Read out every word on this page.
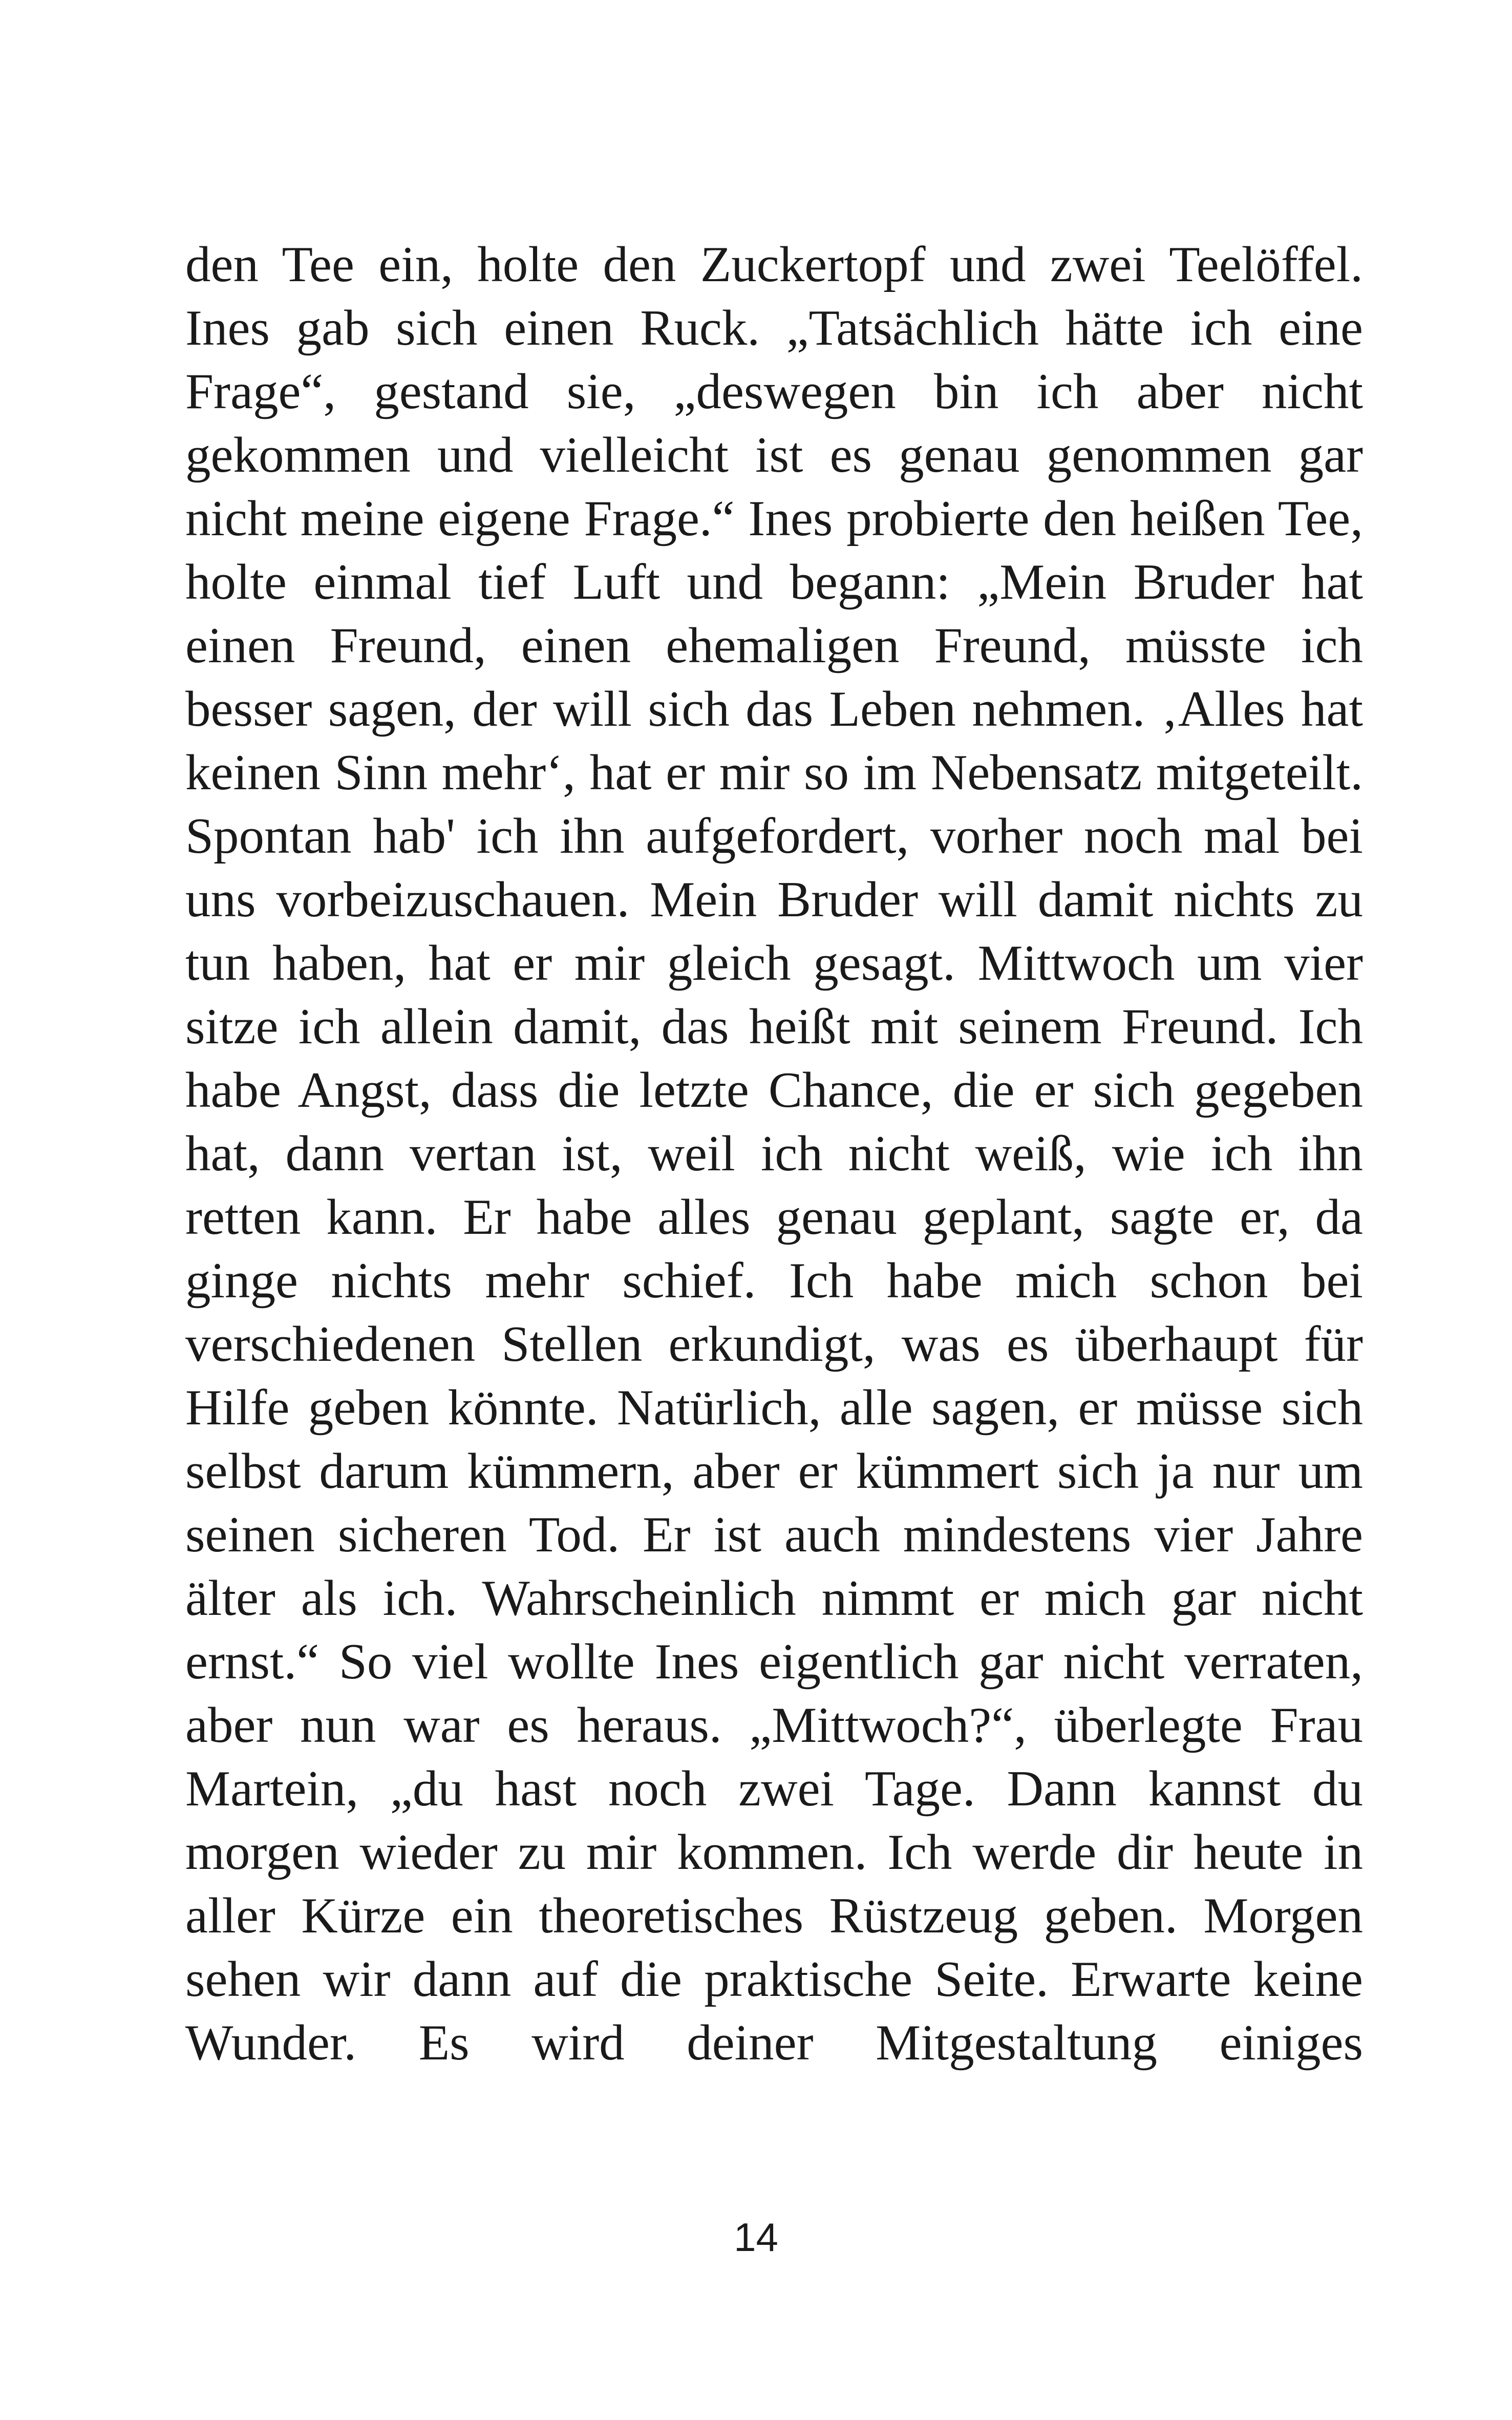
den Tee ein, holte den Zuckertopf und zwei Teelöffel.
Ines gab sich einen Ruck. „Tatsächlich hätte ich eine
Frage“, gestand sie, „deswegen bin ich aber nicht
gekommen und vielleicht ist es genau genommen gar
nicht meine eigene Frage.“ Ines probierte den heißen Tee,
holte einmal tief Luft und begann: „Mein Bruder hat
einen Freund, einen ehemaligen Freund, müsste ich
besser sagen, der will sich das Leben nehmen. ‚Alles hat
keinen Sinn mehr‘, hat er mir so im Nebensatz mitgeteilt.
Spontan hab' ich ihn aufgefordert, vorher noch mal bei
uns vorbeizuschauen. Mein Bruder will damit nichts zu
tun haben, hat er mir gleich gesagt. Mittwoch um vier
sitze ich allein damit, das heißt mit seinem Freund. Ich
habe Angst, dass die letzte Chance, die er sich gegeben
hat, dann vertan ist, weil ich nicht weiß, wie ich ihn
retten kann. Er habe alles genau geplant, sagte er, da
ginge nichts mehr schief. Ich habe mich schon bei
verschiedenen Stellen erkundigt, was es überhaupt für
Hilfe geben könnte. Natürlich, alle sagen, er müsse sich
selbst darum kümmern, aber er kümmert sich ja nur um
seinen sicheren Tod. Er ist auch mindestens vier Jahre
älter als ich. Wahrscheinlich nimmt er mich gar nicht
ernst.“ So viel wollte Ines eigentlich gar nicht verraten,
aber nun war es heraus. „Mittwoch?“, überlegte Frau
Martein, „du hast noch zwei Tage. Dann kannst du
morgen wieder zu mir kommen. Ich werde dir heute in
aller Kürze ein theoretisches Rüstzeug geben. Morgen
sehen wir dann auf die praktische Seite. Erwarte keine
Wunder. Es wird deiner Mitgestaltung einiges
14
